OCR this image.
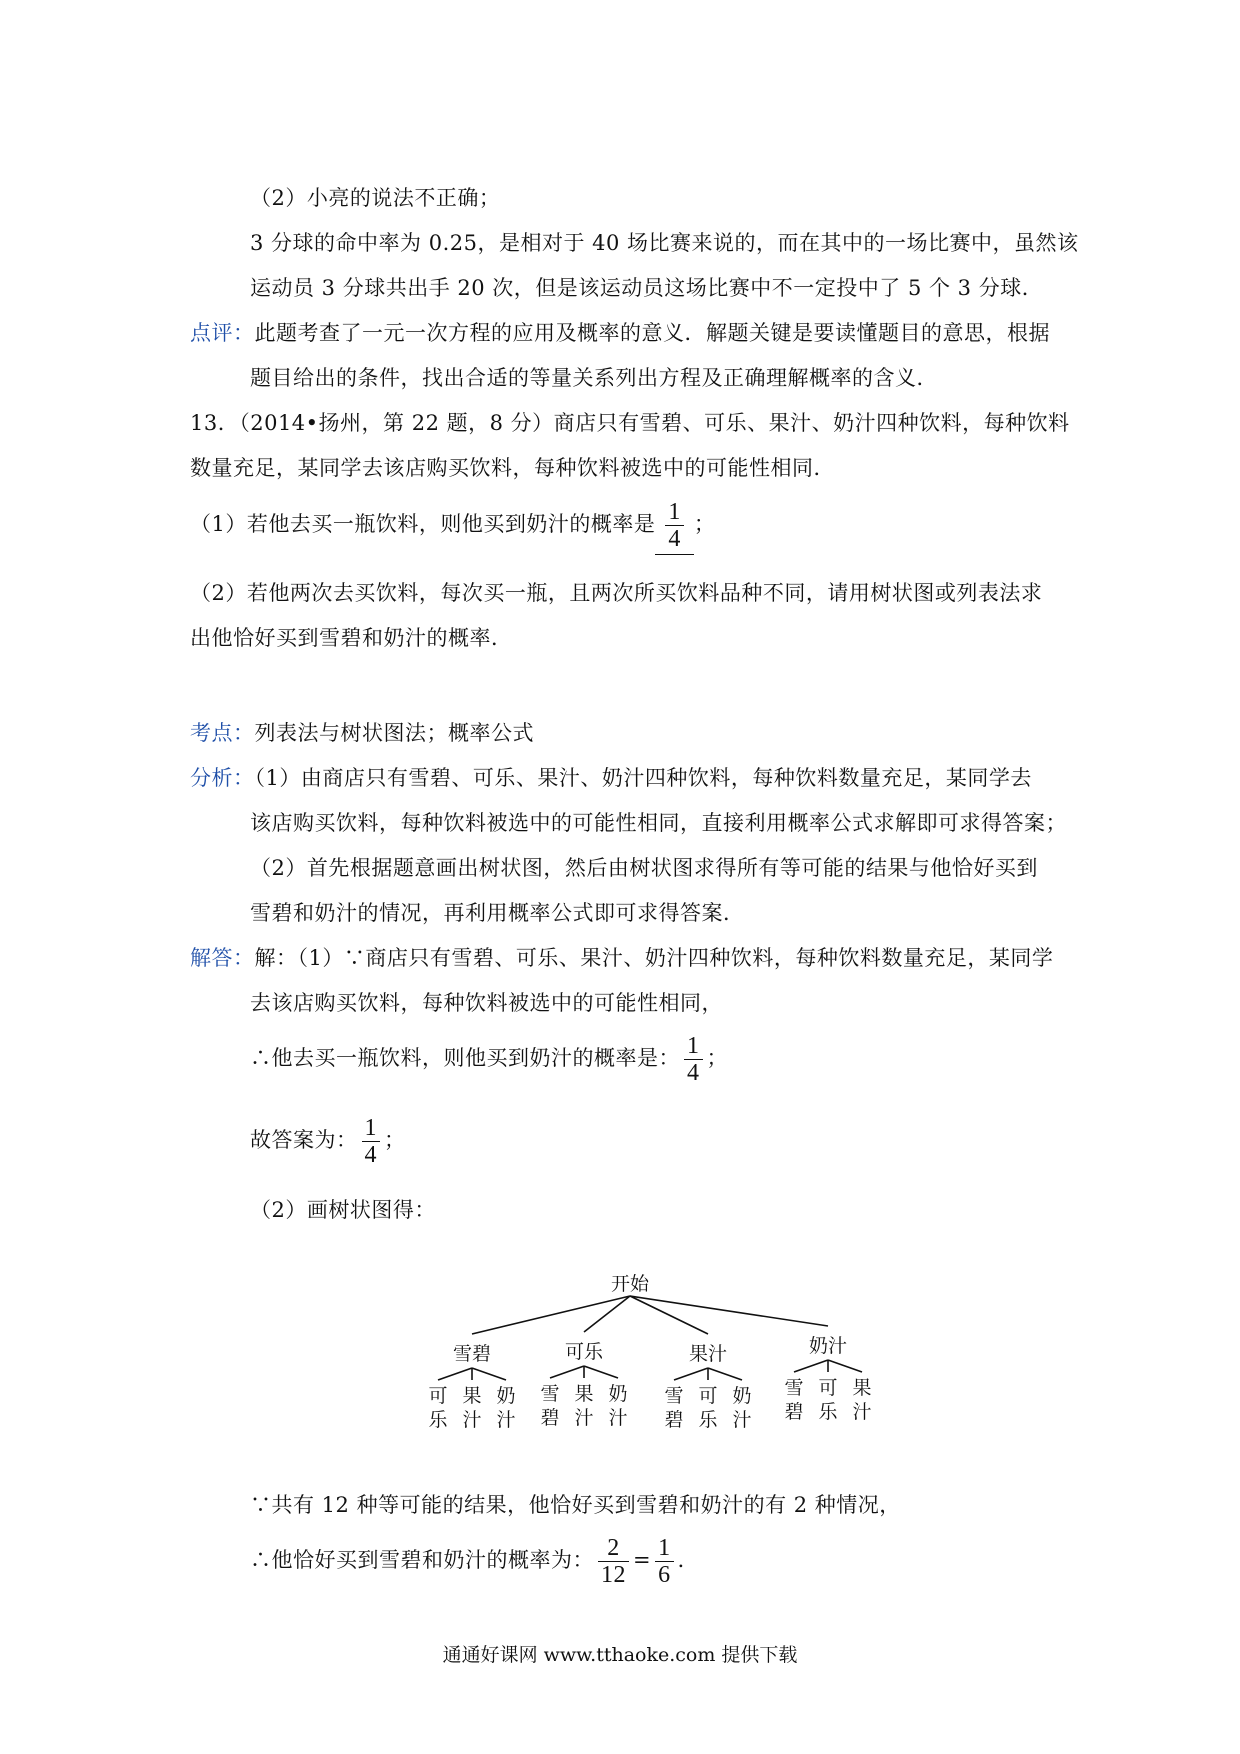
（2）小亮的说法不正确；
3 分球的命中率为 0.25，是相对于 40 场比赛来说的，而在其中的一场比赛中，虽然该
运动员 3 分球共出手 20 次，但是该运动员这场比赛中不一定投中了 5 个 3 分球．
点评：此题考查了一元一次方程的应用及概率的意义．解题关键是要读懂题目的意思，根据
题目给出的条件，找出合适的等量关系列出方程及正确理解概率的含义．
13．（2014•扬州，第 22 题，8 分）商店只有雪碧、可乐、果汁、奶汁四种饮料，每种饮料
数量充足，某同学去该店购买饮料，每种饮料被选中的可能性相同．
（1）若他去买一瓶饮料，则他买到奶汁的概率是 $\frac{1}{4}$ ；
（2）若他两次去买饮料，每次买一瓶，且两次所买饮料品种不同，请用树状图或列表法求
出他恰好买到雪碧和奶汁的概率．
考点：列表法与树状图法；概率公式
分析：（1）由商店只有雪碧、可乐、果汁、奶汁四种饮料，每种饮料数量充足，某同学去
该店购买饮料，每种饮料被选中的可能性相同，直接利用概率公式求解即可求得答案；
（2）首先根据题意画出树状图，然后由树状图求得所有等可能的结果与他恰好买到
雪碧和奶汁的情况，再利用概率公式即可求得答案．
解答：解：（1）∵商店只有雪碧、可乐、果汁、奶汁四种饮料，每种饮料数量充足，某同学
去该店购买饮料，每种饮料被选中的可能性相同，
∴他去买一瓶饮料，则他买到奶汁的概率是： $\frac{1}{4}$ ；
故答案为： $\frac{1}{4}$ ；
（2）画树状图得：
开始
雪碧
可
乐
果
汁
奶
汁
可乐
雪
碧
果
汁
奶
汁
果汁
雪
碧
可
乐
奶
汁
奶汁
雪
碧
可
乐
果
汁
∵共有 12 种等可能的结果，他恰好买到雪碧和奶汁的有 2 种情况，
∴他恰好买到雪碧和奶汁的概率为： $\frac{2}{12} = \frac{1}{6}$ ．
通通好课网 www.tthaoke.com 提供下载
